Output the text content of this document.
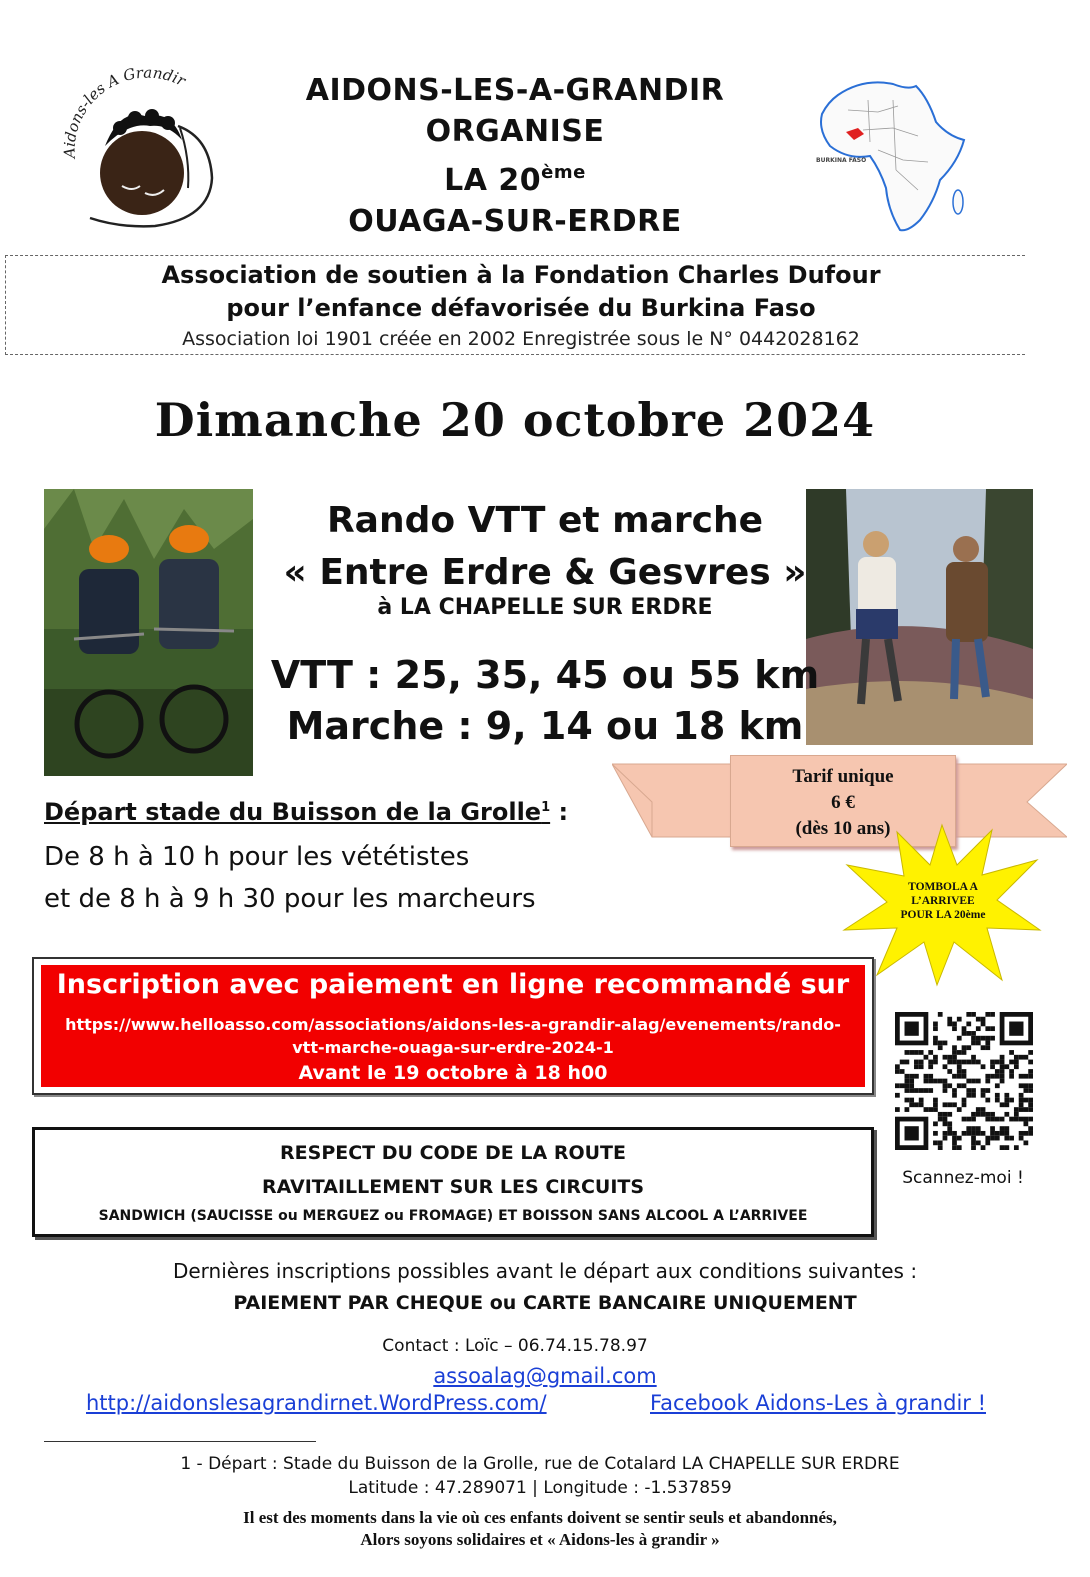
Aidons-les A Grandir	AIDONS-LES-A-GRANDIR
ORGANISE
LA 20ème
OUAGA-SUR-ERDRE
BURKINA FASO
Association de soutien à la Fondation Charles Dufour
pour l’enfance défavorisée du Burkina Faso
Association loi 1901 créée en 2002 Enregistrée sous le N° 0442028162
Dimanche 20 octobre 2024
Rando VTT et marche
« Entre Erdre & Gesvres »
à LA CHAPELLE SUR ERDRE
VTT : 25, 35, 45 ou 55 km
Marche : 9, 14 ou 18 km
Tarif unique
6 €
(dès 10 ans)
TOMBOLA A
L’ARRIVEE
POUR LA 20ème
Départ stade du Buisson de la Grolle$^1$ :
De 8 h à 10 h pour les vététistes
et de 8 h à 9 h 30 pour les marcheurs
Inscription avec paiement en ligne recommandé sur
https://www.helloasso.com/associations/aidons-les-a-grandir-alag/evenements/rando-
vtt-marche-ouaga-sur-erdre-2024-1
Avant le 19 octobre à 18 h00
Scannez-moi !
RESPECT DU CODE DE LA ROUTE
RAVITAILLEMENT SUR LES CIRCUITS
SANDWICH (SAUCISSE ou MERGUEZ ou FROMAGE) ET BOISSON SANS ALCOOL A L’ARRIVEE
Dernières inscriptions possibles avant le départ aux conditions suivantes :
PAIEMENT PAR CHEQUE ou CARTE BANCAIRE UNIQUEMENT
Contact : Loïc – 06.74.15.78.97
assoalag@gmail.com
http://aidonslesagrandirnet.WordPress.com/	Facebook Aidons-Les à grandir !
1 - Départ : Stade du Buisson de la Grolle, rue de Cotalard LA CHAPELLE SUR ERDRE
Latitude : 47.289071 | Longitude : -1.537859
Il est des moments dans la vie où ces enfants doivent se sentir seuls et abandonnés,
Alors soyons solidaires et « Aidons-les à grandir »
